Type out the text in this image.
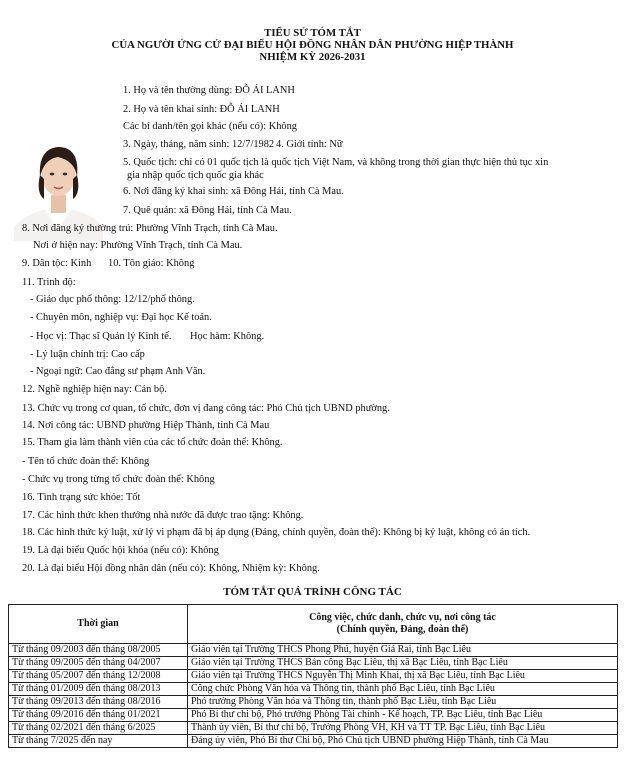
TIỂU SỬ TÓM TẮT
CỦA NGƯỜI ỨNG CỬ ĐẠI BIỂU HỘI ĐỒNG NHÂN DÂN PHƯỜNG HIỆP THÀNH
NHIỆM KỲ 2026-2031
1. Họ và tên thường dùng: ĐỖ ÁI LANH
2. Họ và tên khai sinh: ĐỖ ÁI LANH
Các bí danh/tên gọi khác (nếu có): Không
3. Ngày, tháng, năm sinh: 12/7/1982 4. Giới tính: Nữ
5. Quốc tịch: chỉ có 01 quốc tịch là quốc tịch Việt Nam, và không trong thời gian thực hiện thủ tục xin
gia nhập quốc tịch quốc gia khác
6. Nơi đăng ký khai sinh: xã Đông Hải, tỉnh Cà Mau.
7. Quê quán: xã Đông Hải, tỉnh Cà Mau.
8. Nơi đăng ký thường trú: Phường Vĩnh Trạch, tỉnh Cà Mau.
Nơi ở hiện nay: Phường Vĩnh Trạch, tỉnh Cà Mau.
9. Dân tộc: Kinh 10. Tôn giáo: Không
11. Trình độ:
- Giáo dục phổ thông: 12/12/phổ thông.
- Chuyên môn, nghiệp vụ: Đại học Kế toán.
- Học vị: Thạc sĩ Quản lý Kinh tế. Học hàm: Không.
- Lý luận chính trị: Cao cấp
- Ngoại ngữ: Cao đẳng sư phạm Anh Văn.
12. Nghề nghiệp hiện nay: Cán bộ.
13. Chức vụ trong cơ quan, tổ chức, đơn vị đang công tác: Phó Chủ tịch UBND phường.
14. Nơi công tác: UBND phường Hiệp Thành, tỉnh Cà Mau
15. Tham gia làm thành viên của các tổ chức đoàn thể: Không.
- Tên tổ chức đoàn thể: Không
- Chức vụ trong từng tổ chức đoàn thể: Không
16. Tình trạng sức khỏe: Tốt
17. Các hình thức khen thưởng nhà nước đã được trao tặng: Không.
18. Các hình thức kỷ luật, xử lý vi phạm đã bị áp dụng (Đảng, chính quyền, đoàn thể): Không bị kỷ luật, không có án tích.
19. Là đại biểu Quốc hội khóa (nếu có): Không
20. Là đại biểu Hội đồng nhân dân (nếu có): Không, Nhiệm kỳ: Không.
TÓM TẮT QUÁ TRÌNH CÔNG TÁC
Thời gian	Công việc, chức danh, chức vụ, nơi công tác
(Chính quyền, Đảng, đoàn thể)

Từ tháng 09/2003 đến tháng 08/2005	Giáo viên tại Trường THCS Phong Phú, huyện Giá Rai, tỉnh Bạc Liêu
Từ tháng 09/2005 đến tháng 04/2007	Giáo viên tại Trường THCS Bán công Bạc Liêu, thị xã Bạc Liêu, tỉnh Bạc Liêu
Từ tháng 05/2007 đến tháng 12/2008	Giáo viên tại Trường THCS Nguyễn Thị Minh Khai, thị xã Bạc Liêu, tỉnh Bạc Liêu
Từ tháng 01/2009 đến tháng 08/2013	Công chức Phòng Văn hóa và Thông tin, thành phố Bạc Liêu, tỉnh Bạc Liêu
Từ tháng 09/2013 đến tháng 08/2016	Phó trưởng Phòng Văn hóa và Thông tin, thành phố Bạc Liêu, tỉnh Bạc Liêu
Từ tháng 09/2016 đến tháng 01/2021	Phó Bí thư chi bộ, Phó trưởng Phòng Tài chính - Kế hoạch, TP. Bạc Liêu, tỉnh Bạc Liêu
Từ tháng 02/2021 đến tháng 6/2025	Thành ủy viên, Bí thư chi bộ, Trưởng Phòng VH, KH và TT TP. Bạc Liêu, tỉnh Bạc Liêu
Từ tháng 7/2025 đến nay	Đảng ủy viên, Phó Bí thư Chi bộ, Phó Chủ tịch UBND phường Hiệp Thành, tỉnh Cà Mau
